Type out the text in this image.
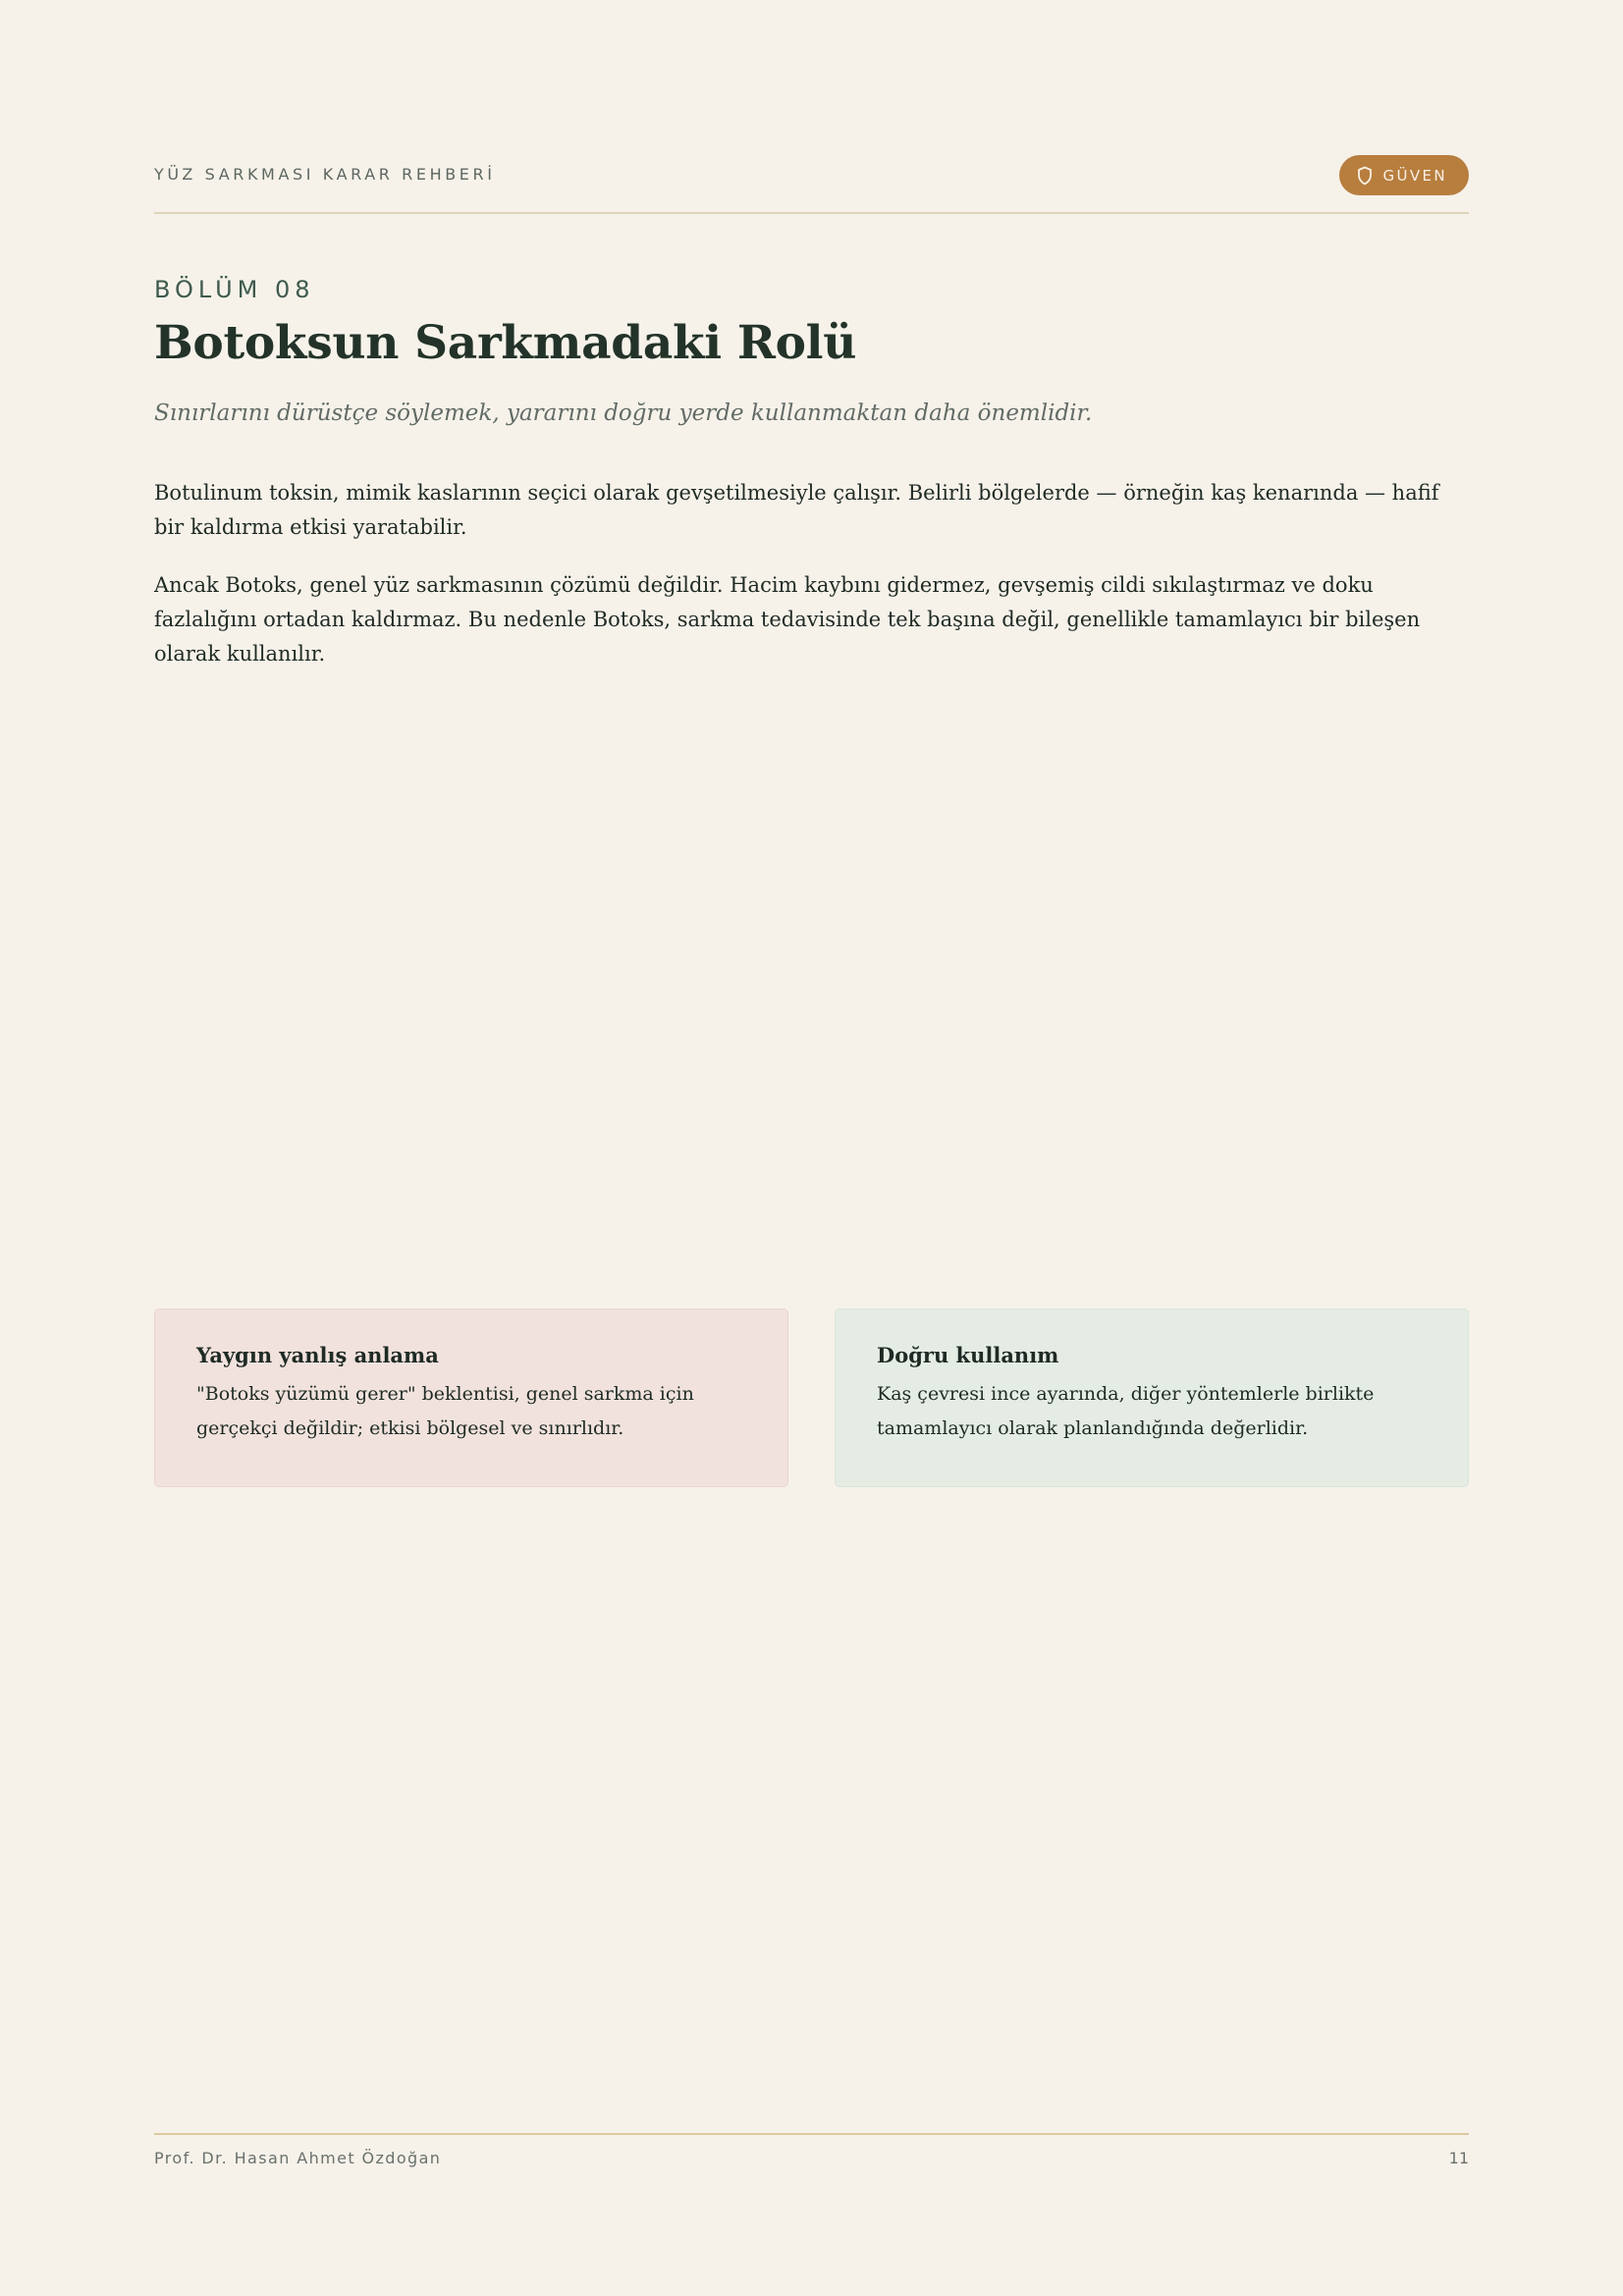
YÜZ SARKMASI KARAR REHBERİ	GÜVEN
BÖLÜM 08
Botoksun Sarkmadaki Rolü
Sınırlarını dürüstçe söylemek, yararını doğru yerde kullanmaktan daha önemlidir.

Botulinum toksin, mimik kaslarının seçici olarak gevşetilmesiyle çalışır. Belirli bölgelerde — örneğin kaş kenarında — hafif bir kaldırma etkisi yaratabilir.

Ancak Botoks, genel yüz sarkmasının çözümü değildir. Hacim kaybını gidermez, gevşemiş cildi sıkılaştırmaz ve doku fazlalığını ortadan kaldırmaz. Bu nedenle Botoks, sarkma tedavisinde tek başına değil, genellikle tamamlayıcı bir bileşen olarak kullanılır.

Yaygın yanlış anlama
"Botoks yüzümü gerer" beklentisi, genel sarkma için gerçekçi değildir; etkisi bölgesel ve sınırlıdır.
Doğru kullanım
Kaş çevresi ince ayarında, diğer yöntemlerle birlikte tamamlayıcı olarak planlandığında değerlidir.
Prof. Dr. Hasan Ahmet Özdoğan	11
